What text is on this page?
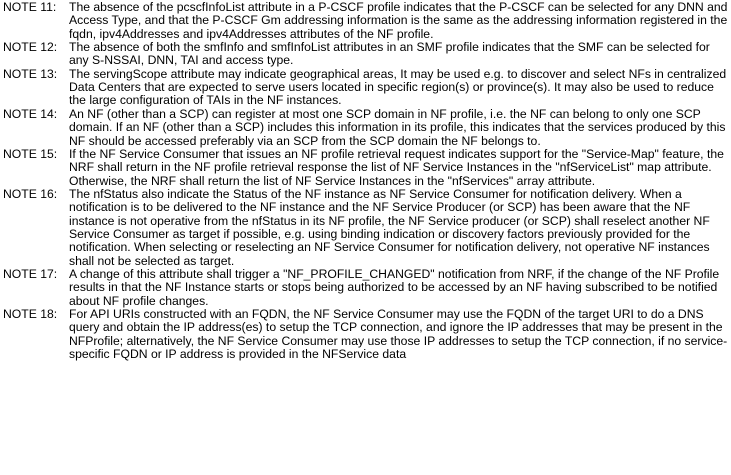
NOTE 11:	The absence of the pcscfInfoList attribute in a P-CSCF profile indicates that the P-CSCF can be selected for any DNN and Access Type, and that the P-CSCF Gm addressing information is the same as the addressing information registered in the fqdn, ipv4Addresses and ipv4Addresses attributes of the NF profile.
NOTE 12: The absence of both the smfInfo and smfInfoList attributes in an SMF profile indicates that the SMF can be selected for any S-NSSAI, DNN, TAI and access type.
NOTE 13: The servingScope attribute may indicate geographical areas, It may be used e.g. to discover and select NFs in centralized Data Centers that are expected to serve users located in specific region(s) or province(s). It may also be used to reduce the large configuration of TAIs in the NF instances.
NOTE 14: An NF (other than a SCP) can register at most one SCP domain in NF profile, i.e. the NF can belong to only one SCP domain. If an NF (other than a SCP) includes this information in its profile, this indicates that the services produced by this NF should be accessed preferably via an SCP from the SCP domain the NF belongs to.
NOTE 15: If the NF Service Consumer that issues an NF profile retrieval request indicates support for the "Service-Map" feature, the NRF shall return in the NF profile retrieval response the list of NF Service Instances in the "nfServiceList" map attribute. Otherwise, the NRF shall return the list of NF Service Instances in the "nfServices" array attribute.
NOTE 16: The nfStatus also indicate the Status of the NF instance as NF Service Consumer for notification delivery. When a notification is to be delivered to the NF instance and the NF Service Producer (or SCP) has been aware that the NF instance is not operative from the nfStatus in its NF profile, the NF Service producer (or SCP) shall reselect another NF Service Consumer as target if possible, e.g. using binding indication or discovery factors previously provided for the notification. When selecting or reselecting an NF Service Consumer for notification delivery, not operative NF instances shall not be selected as target.
NOTE 17: A change of this attribute shall trigger a "NF_PROFILE_CHANGED" notification from NRF, if the change of the NF Profile results in that the NF Instance starts or stops being authorized to be accessed by an NF having subscribed to be notified about NF profile changes.
NOTE 18: For API URIs constructed with an FQDN, the NF Service Consumer may use the FQDN of the target URI to do a DNS query and obtain the IP address(es) to setup the TCP connection, and ignore the IP addresses that may be present in the NFProfile; alternatively, the NF Service Consumer may use those IP addresses to setup the TCP connection, if no service-specific FQDN or IP address is provided in the NFService data
